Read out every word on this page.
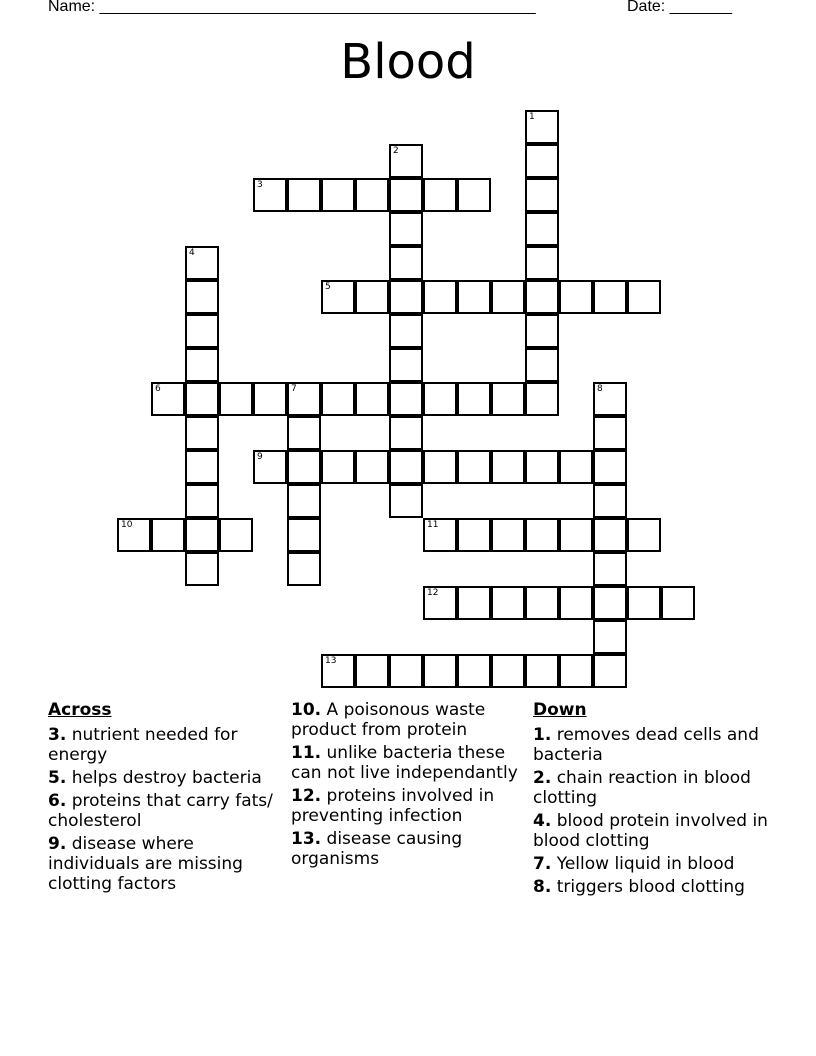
Name: _________________________________________________	Date: _______
Blood
1
2
3
4
5
6	7	8
9
10	11
12
13
Across
3. nutrient needed for energy
5. helps destroy bacteria
6. proteins that carry fats/ cholesterol
9. disease where individuals are missing clotting factors
10. A poisonous waste product from protein
11. unlike bacteria these can not live independantly
12. proteins involved in preventing infection
13. disease causing organisms
Down
1. removes dead cells and bacteria
2. chain reaction in blood clotting
4. blood protein involved in blood clotting
7. Yellow liquid in blood
8. triggers blood clotting
